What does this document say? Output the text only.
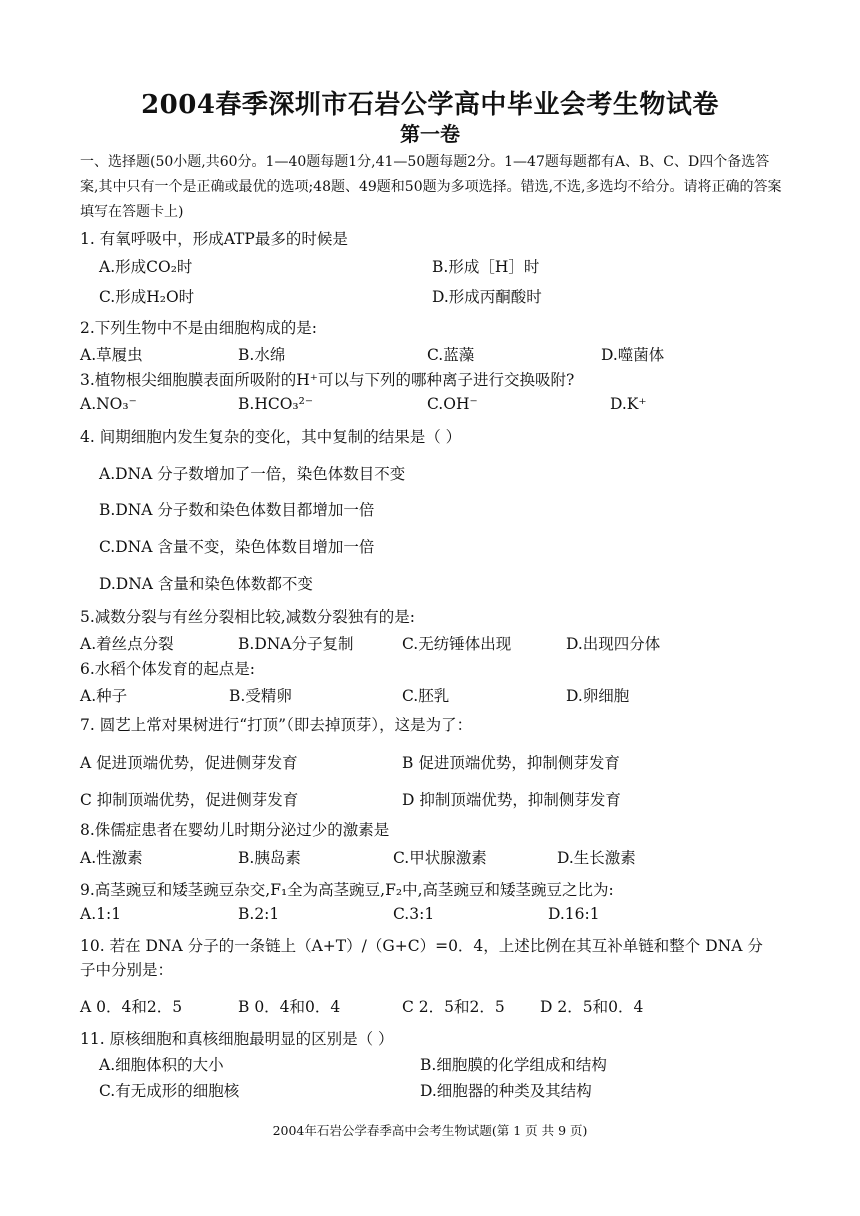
2004春季深圳市石岩公学高中毕业会考生物试卷
第一卷
一、选择题(50小题,共60分。1—40题每题1分,41—50题每题2分。1—47题每题都有A、B、C、D四个备选答案,其中只有一个是正确或最优的选项;48题、49题和50题为多项选择。错选,不选,多选均不给分。请将正确的答案填写在答题卡上)
1. 有氧呼吸中，形成ATP最多的时候是
A.形成CO₂时	B.形成［H］时
C.形成H₂O时	D.形成丙酮酸时
2.下列生物中不是由细胞构成的是:
A.草履虫	B.水绵	C.蓝藻	D.噬菌体
3.植物根尖细胞膜表面所吸附的H⁺可以与下列的哪种离子进行交换吸附?
A.NO₃⁻	B.HCO₃²⁻	C.OH⁻	D.K⁺
4. 间期细胞内发生复杂的变化，其中复制的结果是（ ）
A.DNA 分子数增加了一倍，染色体数目不变
B.DNA 分子数和染色体数目都增加一倍
C.DNA 含量不变，染色体数目增加一倍
D.DNA 含量和染色体数都不变
5.减数分裂与有丝分裂相比较,减数分裂独有的是:
A.着丝点分裂	B.DNA分子复制	C.无纺锤体出现	D.出现四分体
6.水稻个体发育的起点是:
A.种子	B.受精卵	C.胚乳	D.卵细胞
7. 圆艺上常对果树进行“打顶”（即去掉顶芽），这是为了：
A 促进顶端优势，促进侧芽发育	B 促进顶端优势，抑制侧芽发育
C 抑制顶端优势，促进侧芽发育	D 抑制顶端优势，抑制侧芽发育
8.侏儒症患者在婴幼儿时期分泌过少的激素是
A.性激素	B.胰岛素	C.甲状腺激素	D.生长激素
9.高茎豌豆和矮茎豌豆杂交,F₁全为高茎豌豆,F₂中,高茎豌豆和矮茎豌豆之比为:
A.1:1	B.2:1	C.3:1	D.16:1
10. 若在 DNA 分子的一条链上（A+T）/（G+C）=0．4，上述比例在其互补单链和整个 DNA 分
子中分别是：
A 0．4和2．5	B 0．4和0．4	C 2．5和2．5 D 2．5和0．4
11. 原核细胞和真核细胞最明显的区别是（ ）
A.细胞体积的大小	B.细胞膜的化学组成和结构
C.有无成形的细胞核	D.细胞器的种类及其结构
2004年石岩公学春季高中会考生物试题(第 1 页 共 9 页)
